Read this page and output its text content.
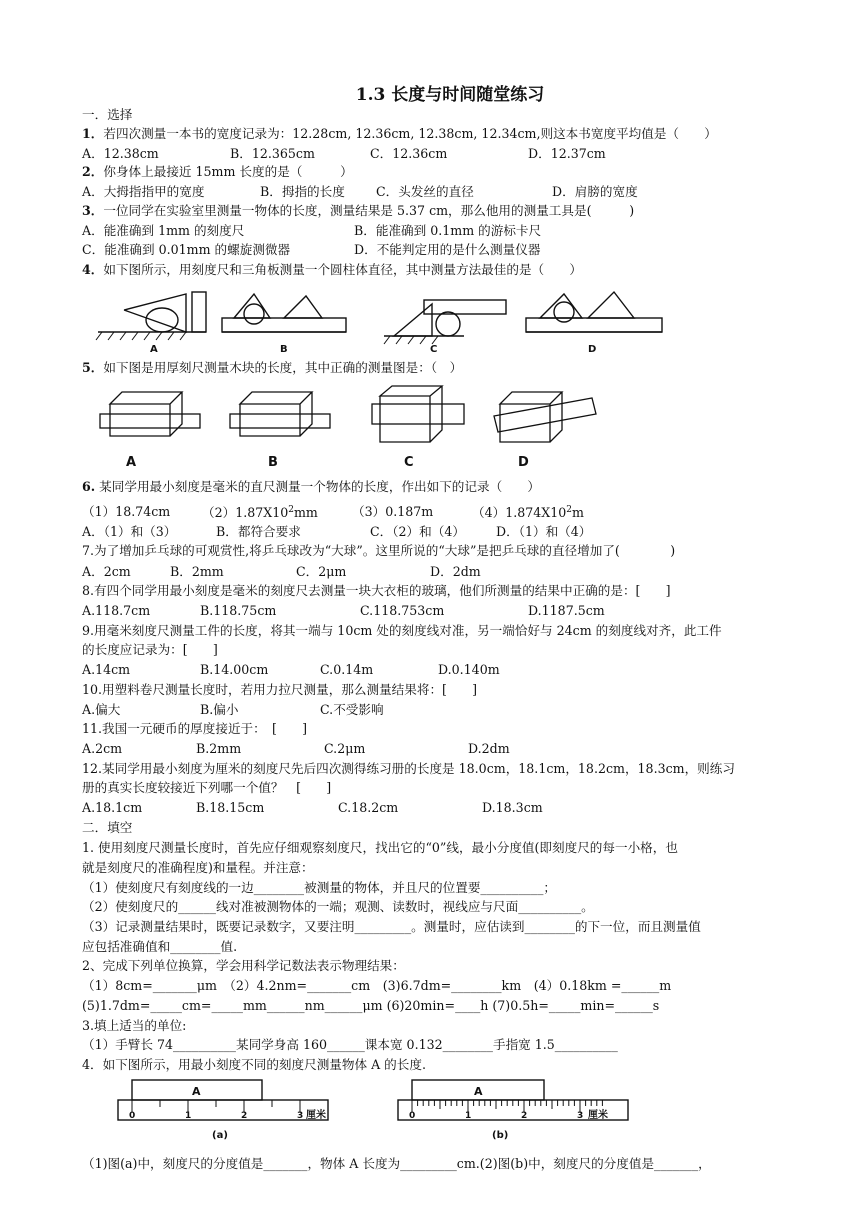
1.3 长度与时间随堂练习
一．选择
1．若四次测量一本书的宽度记录为：12.28cm, 12.36cm, 12.38cm, 12.34cm,则这本书宽度平均值是（　　）
A．12.38cm	B．12.365cm	C．12.36cm	D．12.37cm
2．你身体上最接近 15mm 长度的是（　　　）
A．大拇指指甲的宽度	B．拇指的长度 C．头发丝的直径	D．肩膀的宽度
3．一位同学在实验室里测量一物体的长度，测量结果是 5.37 cm，那么他用的测量工具是(　　　)
A．能准确到 1mm 的刻度尺	B．能准确到 0.1mm 的游标卡尺
C．能准确到 0.01mm 的螺旋测微器	D．不能判定用的是什么测量仪器
4．如下图所示，用刻度尺和三角板测量一个圆柱体直径，其中测量方法最佳的是（　　）
A	B	C	D
5．如下图是用厚刻尺测量木块的长度，其中正确的测量图是：（　）
A	B	C	D
6. 某同学用最小刻度是毫米的直尺测量一个物体的长度，作出如下的记录（　　）
（1）18.74cm	$(2)1.87X10^2mm$	（3）0.187m	$(4)1.874X10^2m$
A．（1）和（3）	B．都符合要求	C．（2）和（4） D．（1）和（4）
7.为了增加乒乓球的可观赏性,将乒乓球改为“大球”。这里所说的“大球”是把乒乓球的直径增加了(　　　　)
A．2cm	B．2mm	C．2μm	D．2dm
8.有四个同学用最小刻度是毫米的刻度尺去测量一块大衣柜的玻璃，他们所测量的结果中正确的是：[　　]
A.118.7cm	B.118.75cm	C.118.753cm	D.1187.5cm
9.用毫米刻度尺测量工件的长度，将其一端与 10cm 处的刻度线对准，另一端恰好与 24cm 的刻度线对齐，此工件
的长度应记录为：[　　]
A.14cm	B.14.00cm	C.0.14m	D.0.140m
10.用塑料卷尺测量长度时，若用力拉尺测量，那么测量结果将：[　　]
A.偏大	B.偏小	C.不受影响
11.我国一元硬币的厚度接近于：　[　　]
A.2cm	B.2mm	C.2μm	D.2dm
12.某同学用最小刻度为厘米的刻度尺先后四次测得练习册的长度是 18.0cm，18.1cm，18.2cm，18.3cm，则练习
册的真实长度较接近下列哪一个值？　[　　]
A.18.1cm	B.18.15cm	C.18.2cm	D.18.3cm
二．填空
1. 使用刻度尺测量长度时，首先应仔细观察刻度尺，找出它的“0”线，最小分度值(即刻度尺的每一小格，也
就是刻度尺的准确程度)和量程。并注意：
（1）使刻度尺有刻度线的一边________被测量的物体，并且尺的位置要__________；
（2）使刻度尺的______线对准被测物体的一端；观测、读数时，视线应与尺面__________。
（3）记录测量结果时，既要记录数字，又要注明_________。测量时，应估读到________的下一位，而且测量值
应包括准确值和________值.
2、完成下列单位换算，学会用科学记数法表示物理结果：
（1）8cm=_______μm　（2）4.2nm=_______cm　(3)6.7dm=________km　(4）0.18km =______m
(5)1.7dm=_____cm=_____mm______nm______μm (6)20min=____h (7)0.5h=_____min=______s
3.填上适当的单位:
（1）手臂长 74__________某同学身高 160______课本宽 0.132________手指宽 1.5__________
4．如下图所示，用最小刻度不同的刻度尺测量物体 A 的长度.
A	A
0	1	2	3 厘米	0	1	2	3 厘米
(a)	(b)
（1)图(a)中，刻度尺的分度值是_______，物体 A 长度为_________cm.(2)图(b)中，刻度尺的分度值是_______，
